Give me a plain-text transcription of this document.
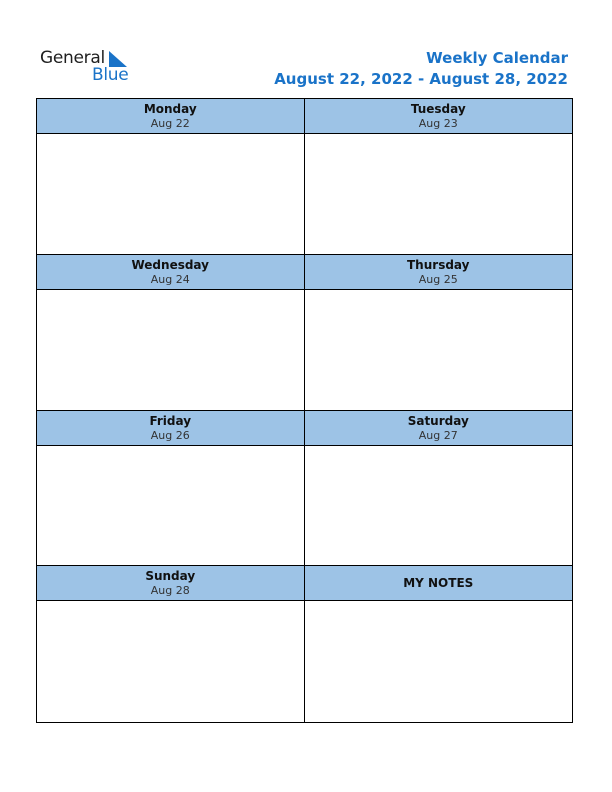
General
Blue
Weekly Calendar
August 22, 2022 - August 28, 2022
Monday
Aug 22
Tuesday
Aug 23
Wednesday
Aug 24
Thursday
Aug 25
Friday
Aug 26
Saturday
Aug 27
Sunday
Aug 28
MY NOTES
